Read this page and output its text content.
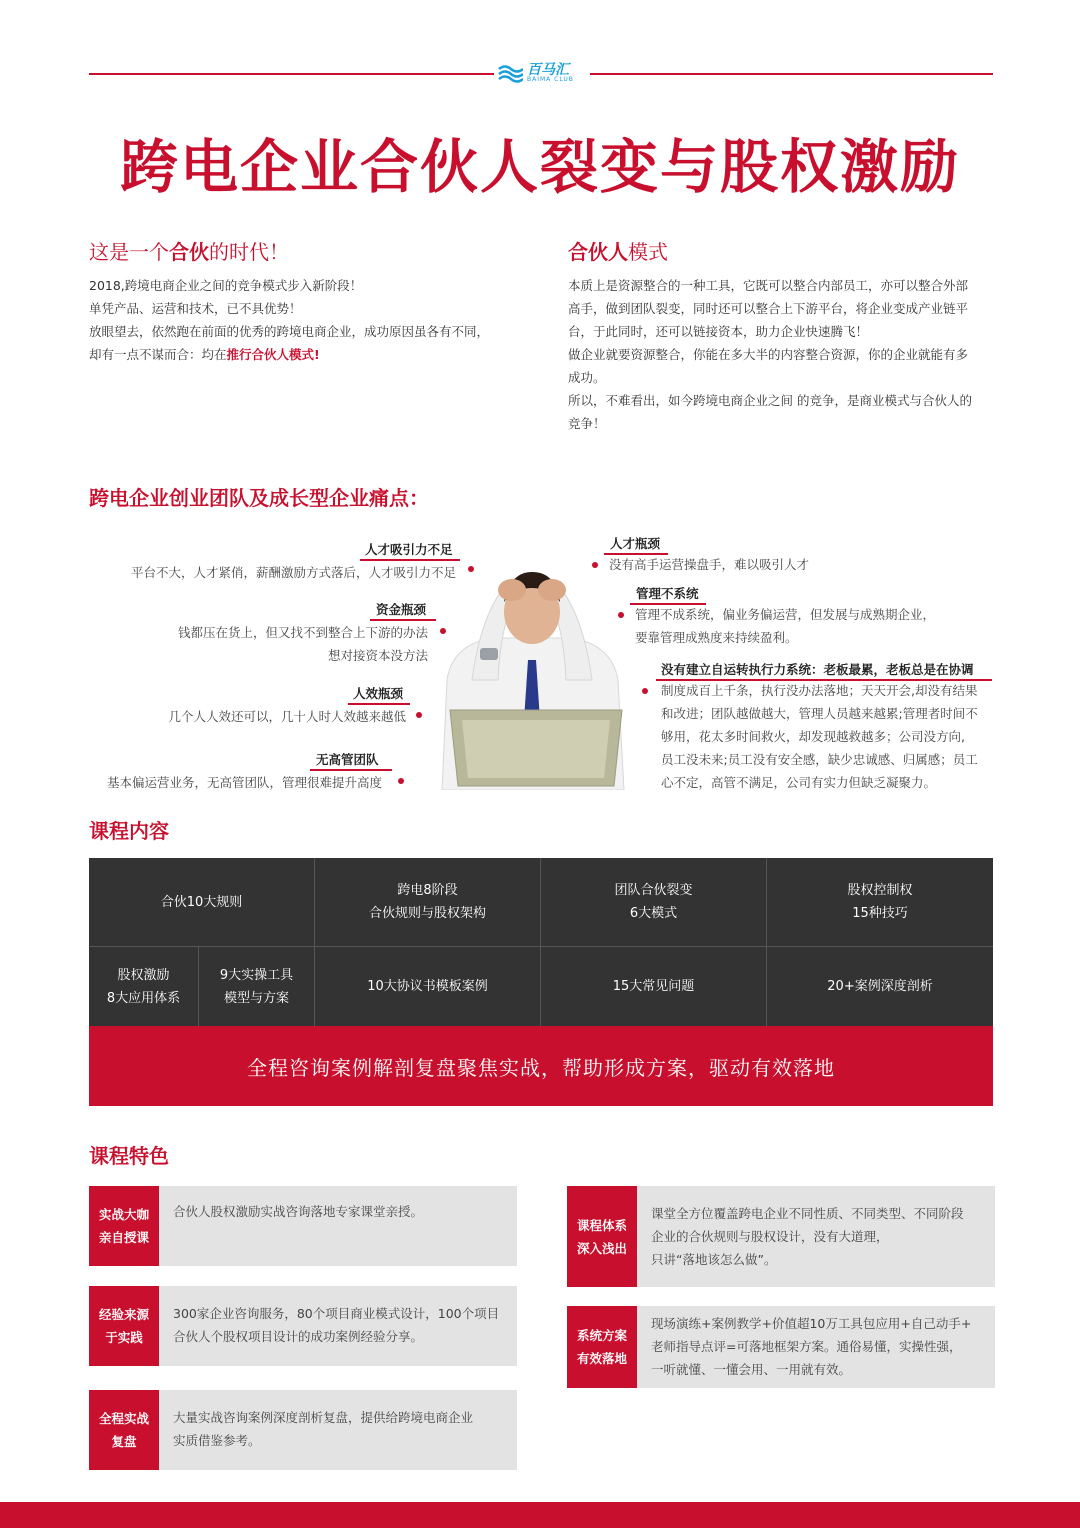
百马汇
BAIMA CLUB
跨电企业合伙人裂变与股权激励
这是一个合伙的时代！

2018,跨境电商企业之间的竞争模式步入新阶段！

单凭产品、运营和技术，已不具优势！

放眼望去，依然跑在前面的优秀的跨境电商企业，成功原因虽各有不同，

却有一点不谋而合：均在推行合伙人模式!

合伙人模式

本质上是资源整合的一种工具，它既可以整合内部员工，亦可以整合外部

高手，做到团队裂变，同时还可以整合上下游平台，将企业变成产业链平

台，于此同时，还可以链接资本，助力企业快速腾飞！

做企业就要资源整合，你能在多大半的内容整合资源，你的企业就能有多

成功。

所以，不难看出，如今跨境电商企业之间 的竞争，是商业模式与合伙人的

竞争！

跨电企业创业团队及成长型企业痛点：
人才吸引力不足
平台不大，人才紧俏，薪酬激励方式落后，人才吸引力不足
资金瓶颈
钱都压在货上，但又找不到整合上下游的办法
想对接资本没方法
人效瓶颈
几个人人效还可以，几十人时人效越来越低
无高管团队
基本偏运营业务，无高管团队，管理很难提升高度
人才瓶颈
没有高手运营操盘手，难以吸引人才
管理不系统
管理不成系统，偏业务偏运营，但发展与成熟期企业，
要靠管理成熟度来持续盈利。
没有建立自运转执行力系统：老板最累，老板总是在协调
制度成百上千条，执行没办法落地；天天开会,却没有结果
和改进；团队越做越大，管理人员越来越累;管理者时间不
够用，花太多时间救火，却发现越救越多；公司没方向,
员工没未来;员工没有安全感，缺少忠诚感、归属感；员工
心不定，高管不满足，公司有实力但缺乏凝聚力。
课程内容
合伙10大规则
跨电8阶段
合伙规则与股权架构
团队合伙裂变
6大模式
股权控制权
15种技巧
股权激励
8大应用体系
9大实操工具
模型与方案
10大协议书模板案例	15大常见问题	20+案例深度剖析
全程咨询案例解剖复盘聚焦实战，帮助形成方案，驱动有效落地
课程特色
实战大咖
亲自授课
合伙人股权激励实战咨询落地专家课堂亲授。
经验来源
于实践
300家企业咨询服务，80个项目商业模式设计，100个项目
合伙人个股权项目设计的成功案例经验分享。
全程实战
复盘
大量实战咨询案例深度剖析复盘，提供给跨境电商企业
实质借鉴参考。
课程体系
深入浅出
课堂全方位覆盖跨电企业不同性质、不同类型、不同阶段
企业的合伙规则与股权设计，没有大道理，
只讲“落地该怎么做”。
系统方案
有效落地
现场演练+案例教学+价值超10万工具包应用+自己动手+
老师指导点评=可落地框架方案。通俗易懂，实操性强，
一听就懂、一懂会用、一用就有效。
